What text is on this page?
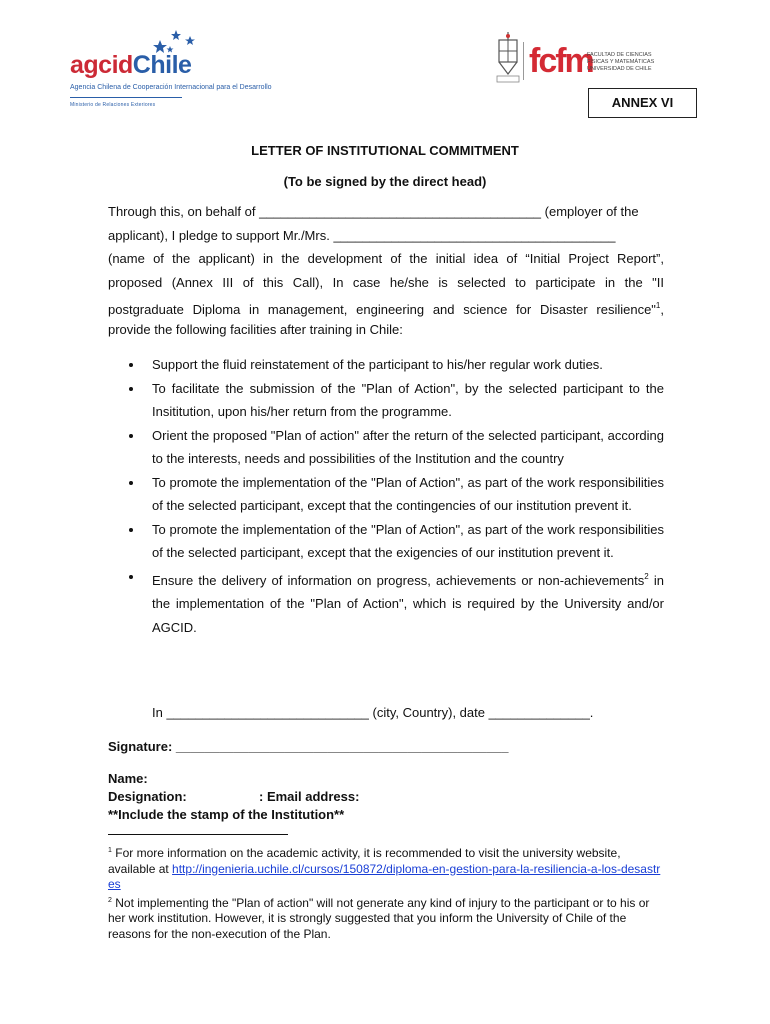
agcidChile
Agencia Chilena de Cooperación Internacional para el Desarrollo
Ministerio de Relaciones Exteriores
fcfm
FACULTAD DE CIENCIAS
FÍSICAS Y MATEMÁTICAS
UNIVERSIDAD DE CHILE
ANNEX VI
LETTER OF INSTITUTIONAL COMMITMENT
(To be signed by the direct head)
Through this, on behalf of _______________________________________ (employer of the
applicant), I pledge to support Mr./Mrs. _______________________________________
(name of the applicant) in the development of the initial idea of “Initial Project Report”,
proposed (Annex III of this Call), In case he/she is selected to participate in the "II
postgraduate Diploma in management, engineering and science for Disaster resilience"$^1$,
provide the following facilities after training in Chile:
Support the fluid reinstatement of the participant to his/her regular work duties.
To facilitate the submission of the "Plan of Action", by the selected participant to the Insititution, upon his/her return from the programme.
Orient the proposed "Plan of action" after the return of the selected participant, according to the interests, needs and possibilities of the Institution and the country
To promote the implementation of the "Plan of Action", as part of the work responsibilities of the selected participant, except that the contingencies of our institution prevent it.
To promote the implementation of the "Plan of Action", as part of the work responsibilities of the selected participant, except that the exigencies of our institution prevent it.
Ensure the delivery of information on progress, achievements or non-achievements$^2$ in the implementation of the "Plan of Action", which is required by the University and/or AGCID.
In ____________________________ (city, Country), date ______________.
Signature: ______________________________________________
Name:
Designation:	: Email address:
**Include the stamp of the Institution**
$^1$ For more information on the academic activity, it is recommended to visit the university website, available at http://ingenieria.uchile.cl/cursos/150872/diploma-en-gestion-para-la-resiliencia-a-los-desastres
$^2$ Not implementing the "Plan of action" will not generate any kind of injury to the participant or to his or her work institution. However, it is strongly suggested that you inform the University of Chile of the reasons for the non-execution of the Plan.
